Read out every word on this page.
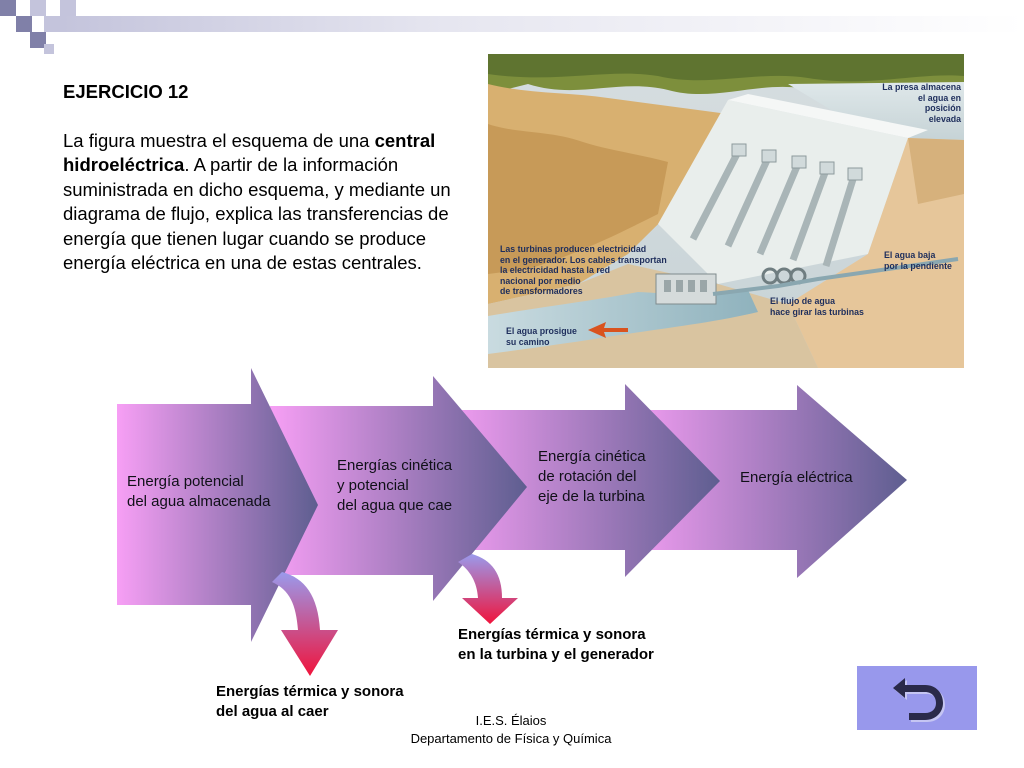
EJERCICIO 12

La figura muestra el esquema de una central hidroeléctrica. A partir de la información suministrada en dicho esquema, y mediante un diagrama de flujo, explica las transferencias de energía que tienen lugar cuando se produce energía eléctrica en una de estas centrales.

La presa almacena
el agua en
posición
elevada
Las turbinas producen electricidad
en el generador. Los cables transportan
la electricidad hasta la red
nacional por medio
de transformadores
El agua baja
por la pendiente
El flujo de agua
hace girar las turbinas
El agua prosigue
su camino
Energía potencial
del agua almacenada
Energías cinética
y potencial
del agua que cae
Energía cinética
de rotación del
eje de la turbina
Energía eléctrica
Energías térmica y sonora
en la turbina y el generador
Energías térmica y sonora
del agua al caer
I.E.S. Élaios
Departamento de Física y Química
